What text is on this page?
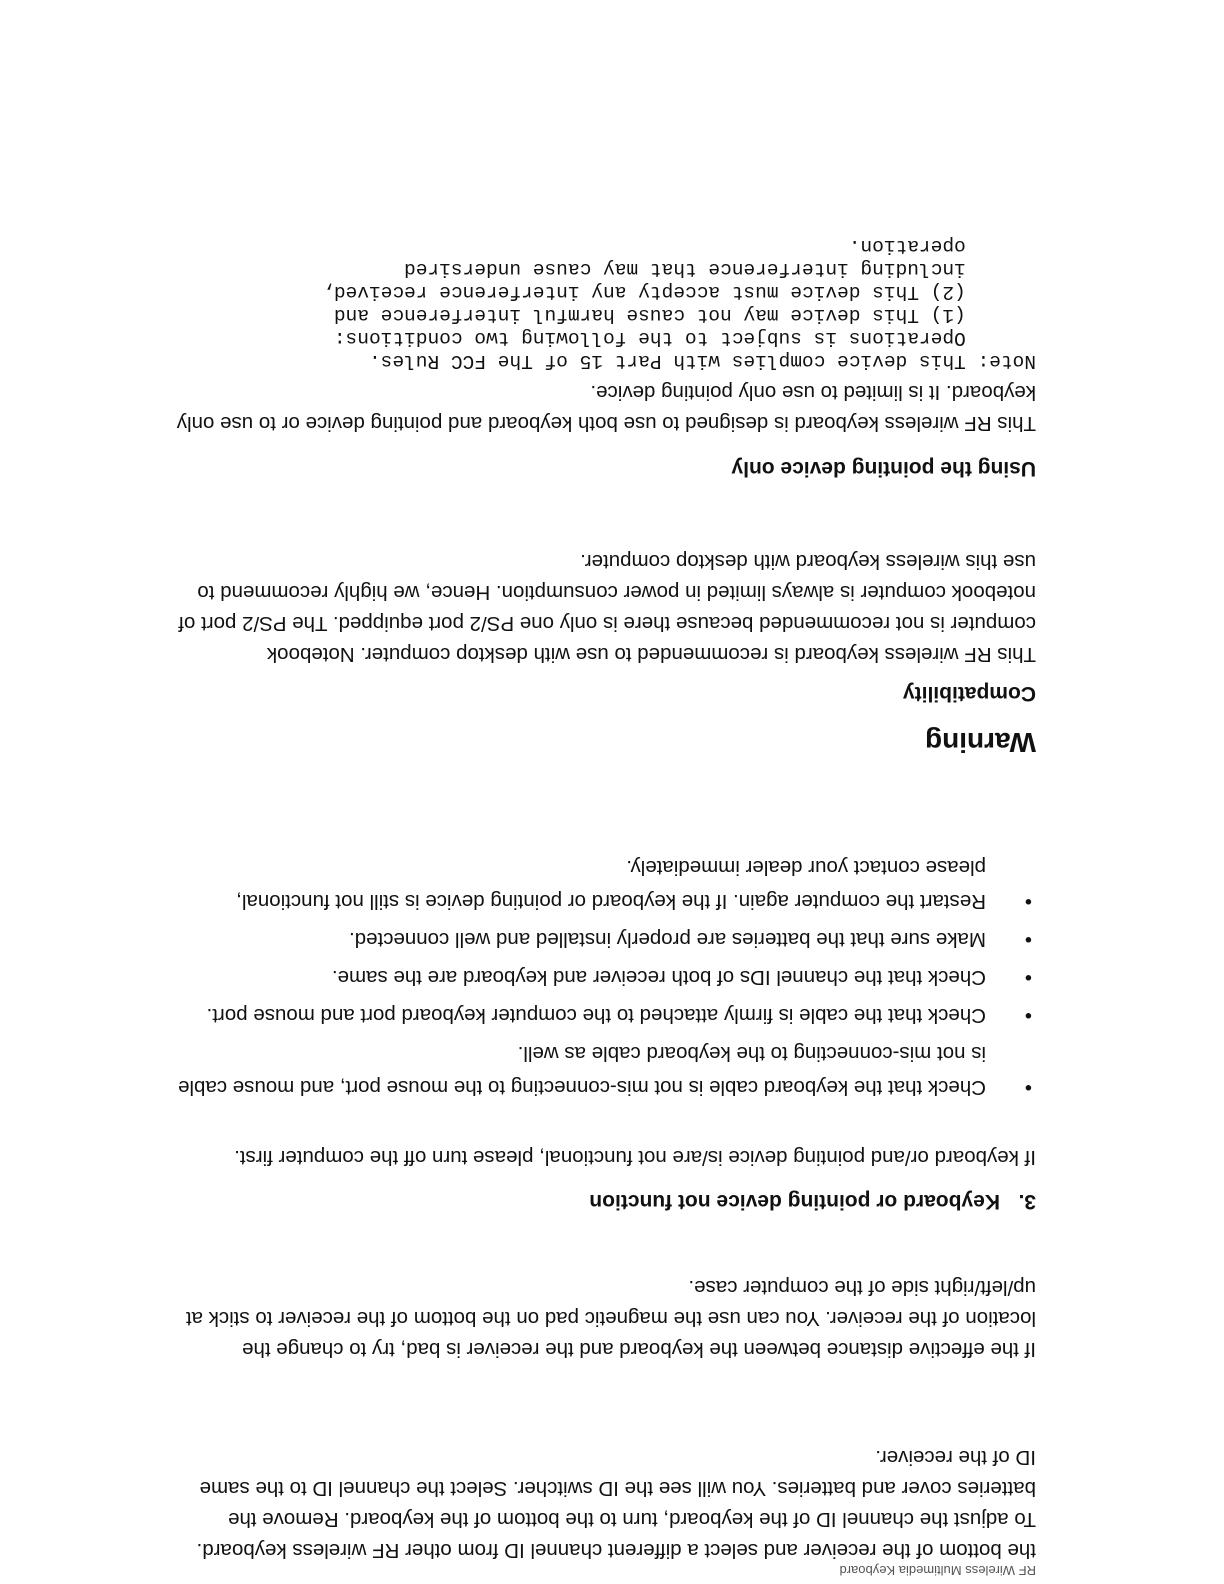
RF Wireless Multimedia Keyboard

the bottom of the receiver and select a different channel ID from other RF wireless keyboard. To adjust the channel ID of the keyboard, turn to the bottom of the keyboard. Remove the batteries cover and batteries. You will see the ID switcher. Select the channel ID to the same ID of the receiver.

If the effective distance between the keyboard and the receiver is bad, try to change the location of the receiver. You can use the magnetic pad on the bottom of the receiver to stick at up/left/right side of the computer case.

3.
Keyboard or pointing device not function

If keyboard or/and pointing device is/are not functional, please turn off the computer first.

•
Check that the keyboard cable is not mis-connecting to the mouse port, and mouse cable is not mis-connecting to the keyboard cable as well.
•
Check that the cable is firmly attached to the computer keyboard port and mouse port.
•
Check that the channel IDs of both receiver and keyboard are the same.
•
Make sure that the batteries are properly installed and well connected.
•
Restart the computer again. If the keyboard or pointing device is still not functional, please contact your dealer immediately.
Warning
Compatibility

This RF wireless keyboard is recommended to use with desktop computer. Notebook computer is not recommended because there is only one PS/2 port equipped. The PS/2 port of notebook computer is always limited in power consumption. Hence, we highly recommend to use this wireless keyboard with desktop computer.

Using the pointing device only

This RF wireless keyboard is designed to use both keyboard and pointing device or to use only keyboard. It is limited to use only pointing device.

Note: This device complies with Part 15 of The FCC Rules.
Operations is subject to the following two conditions:
(1) This device may not cause harmful interference and
(2) This device must accepty any interference received,
including interference that may cause undersired
operation.
